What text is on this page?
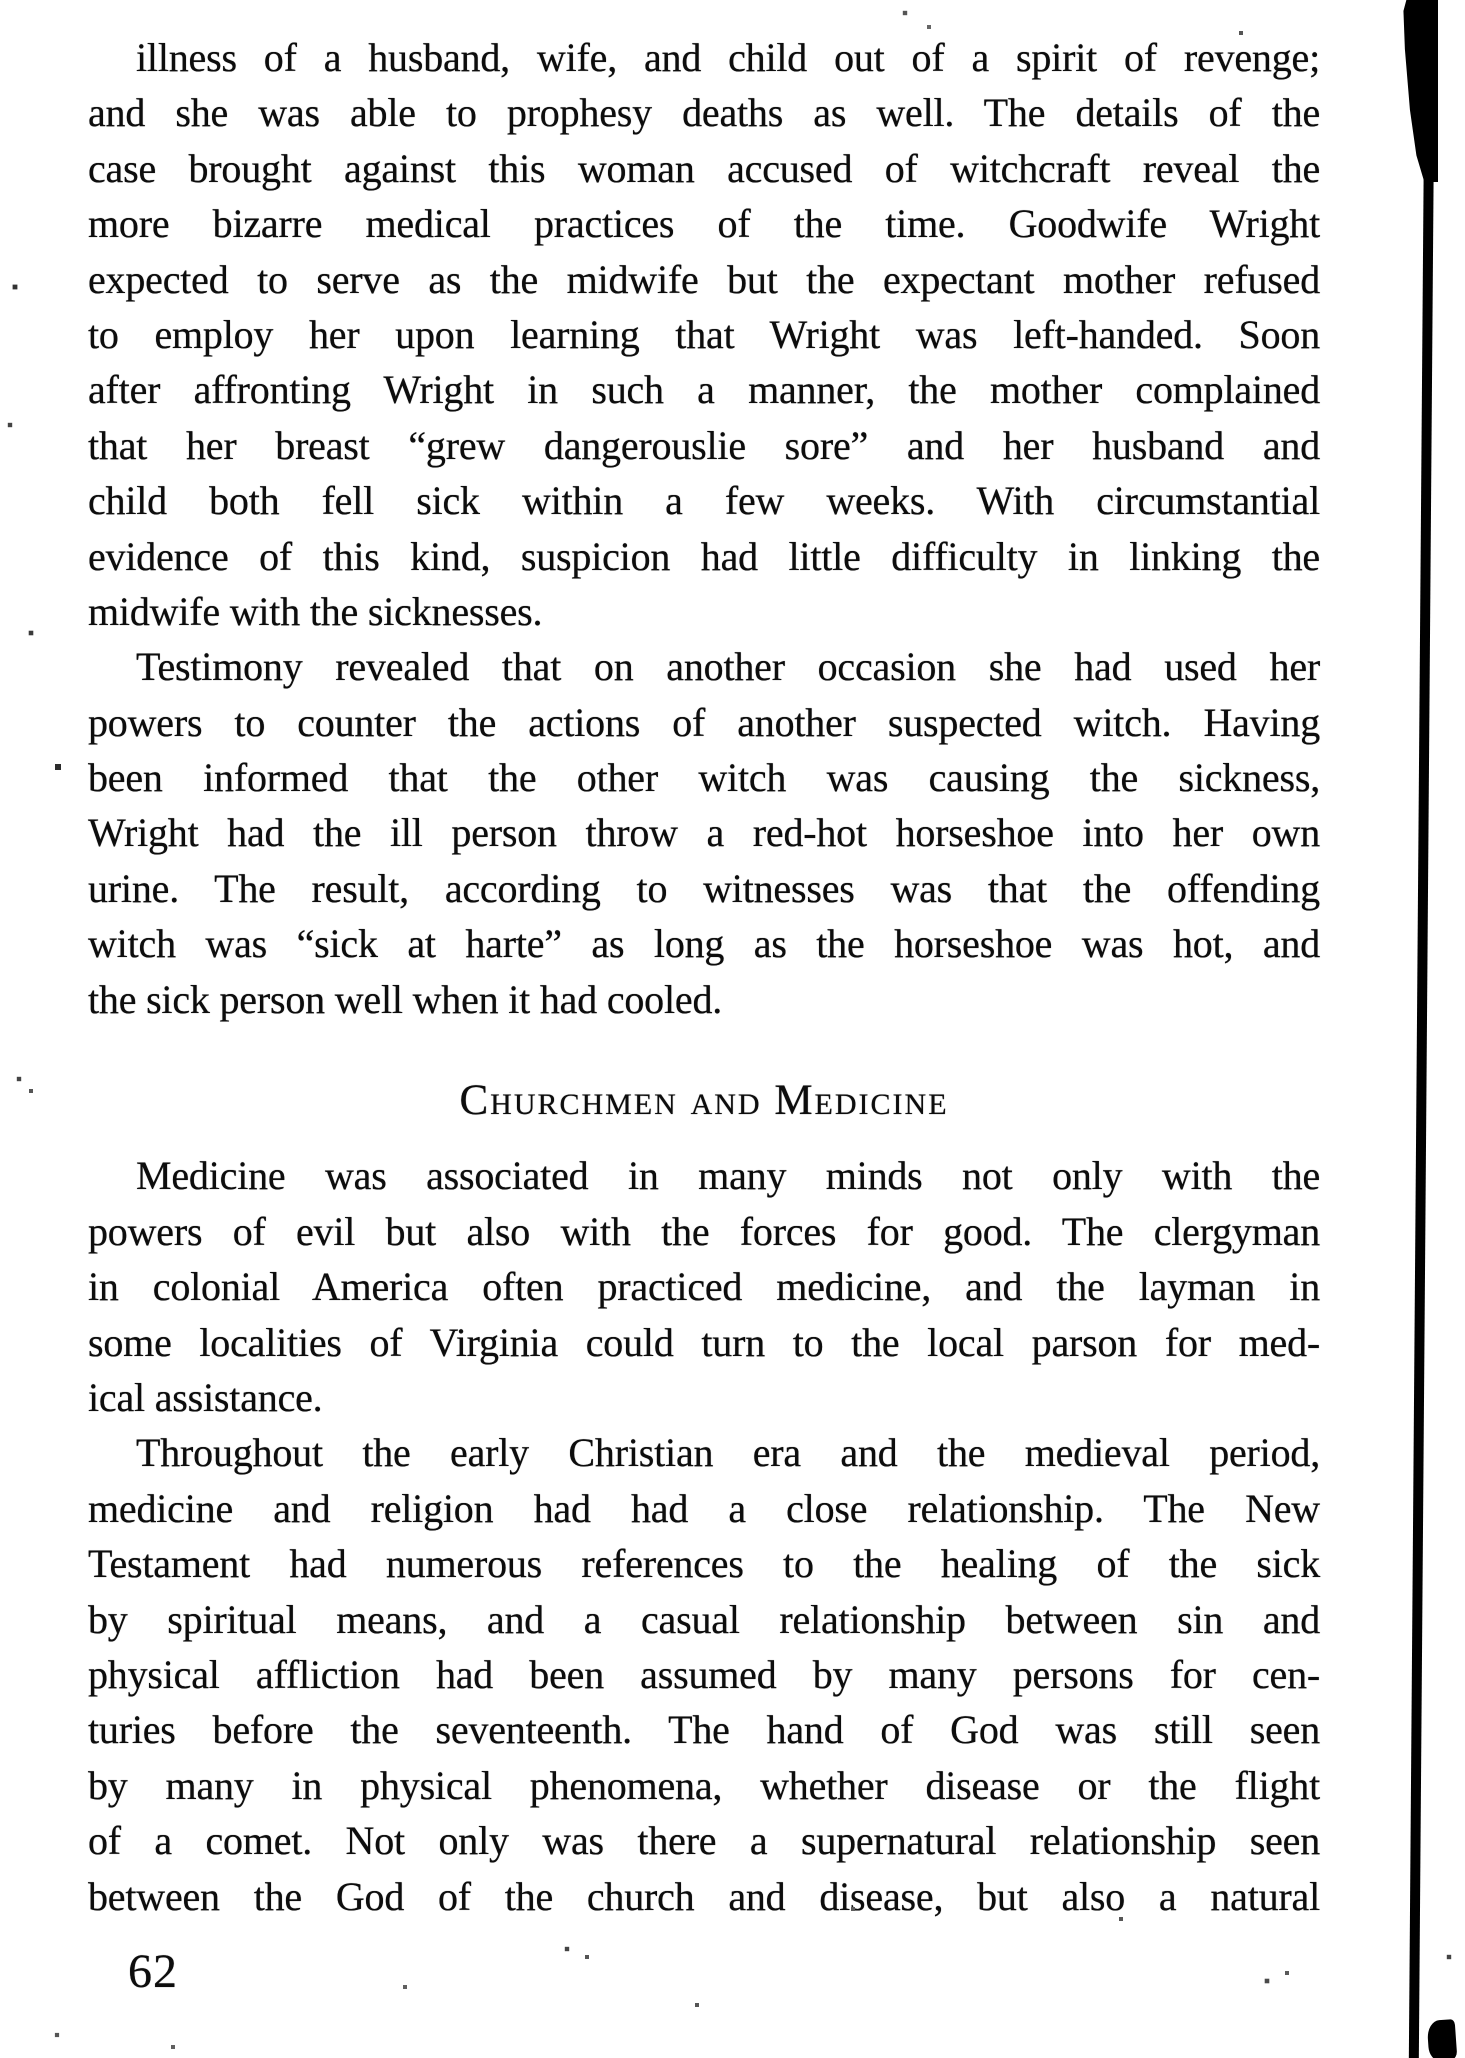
illness of a husband, wife, and child out of a spirit of revenge;
and she was able to prophesy deaths as well. The details of the
case brought against this woman accused of witchcraft reveal the
more bizarre medical practices of the time. Goodwife Wright
expected to serve as the midwife but the expectant mother refused
to employ her upon learning that Wright was left-handed. Soon
after affronting Wright in such a manner, the mother complained
that her breast “grew dangerouslie sore” and her husband and
child both fell sick within a few weeks. With circumstantial
evidence of this kind, suspicion had little difficulty in linking the
midwife with the sicknesses.
Testimony revealed that on another occasion she had used her
powers to counter the actions of another suspected witch. Having
been informed that the other witch was causing the sickness,
Wright had the ill person throw a red-hot horseshoe into her own
urine. The result, according to witnesses was that the offending
witch was “sick at harte” as long as the horseshoe was hot, and
the sick person well when it had cooled.
Churchmen and Medicine
Medicine was associated in many minds not only with the
powers of evil but also with the forces for good. The clergyman
in colonial America often practiced medicine, and the layman in
some localities of Virginia could turn to the local parson for med-
ical assistance.
Throughout the early Christian era and the medieval period,
medicine and religion had had a close relationship. The New
Testament had numerous references to the healing of the sick
by spiritual means, and a casual relationship between sin and
physical affliction had been assumed by many persons for cen-
turies before the seventeenth. The hand of God was still seen
by many in physical phenomena, whether disease or the flight
of a comet. Not only was there a supernatural relationship seen
between the God of the church and disease, but also a natural
62
